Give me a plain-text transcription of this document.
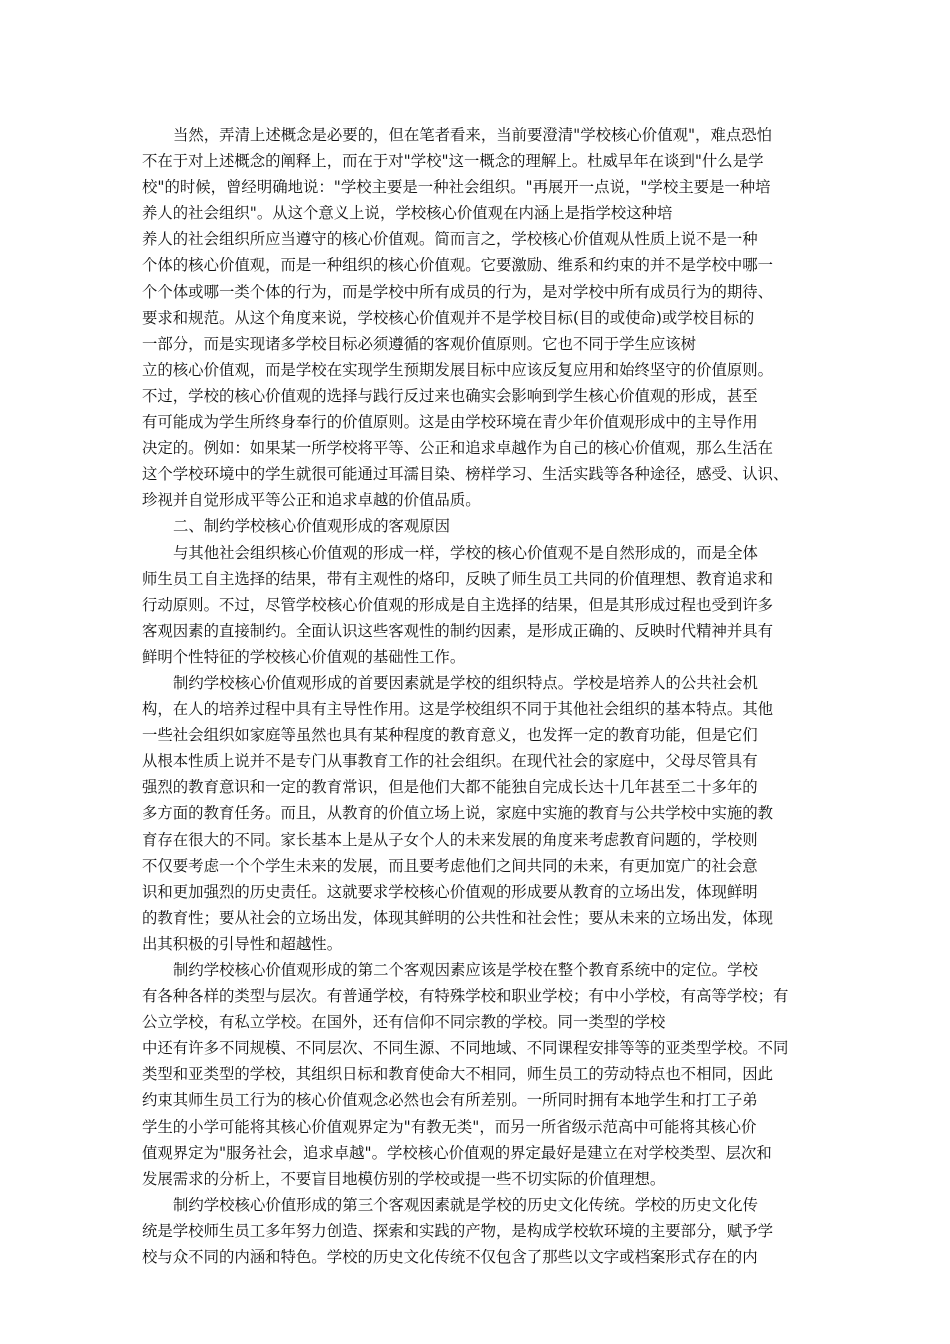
当然，弄清上述概念是必要的，但在笔者看来，当前要澄清"学校核心价值观"，难点恐怕
不在于对上述概念的阐释上，而在于对"学校"这一概念的理解上。杜威早年在谈到"什么是学
校"的时候，曾经明确地说："学校主要是一种社会组织。"再展开一点说，"学校主要是一种培
养人的社会组织"。从这个意义上说，学校核心价值观在内涵上是指学校这种培
养人的社会组织所应当遵守的核心价值观。简而言之，学校核心价值观从性质上说不是一种
个体的核心价值观，而是一种组织的核心价值观。它要激励、维系和约束的并不是学校中哪一
个个体或哪一类个体的行为，而是学校中所有成员的行为，是对学校中所有成员行为的期待、
要求和规范。从这个角度来说，学校核心价值观并不是学校目标(目的或使命)或学校目标的
一部分，而是实现诸多学校目标必须遵循的客观价值原则。它也不同于学生应该树
立的核心价值观，而是学校在实现学生预期发展目标中应该反复应用和始终坚守的价值原则。
不过，学校的核心价值观的选择与践行反过来也确实会影响到学生核心价值观的形成，甚至
有可能成为学生所终身奉行的价值原则。这是由学校环境在青少年价值观形成中的主导作用
决定的。例如：如果某一所学校将平等、公正和追求卓越作为自己的核心价值观，那么生活在
这个学校环境中的学生就很可能通过耳濡目染、榜样学习、生活实践等各种途径，感受、认识、
珍视并自觉形成平等公正和追求卓越的价值品质。
二、制约学校核心价值观形成的客观原因
与其他社会组织核心价值观的形成一样，学校的核心价值观不是自然形成的，而是全体
师生员工自主选择的结果，带有主观性的烙印，反映了师生员工共同的价值理想、教育追求和
行动原则。不过，尽管学校核心价值观的形成是自主选择的结果，但是其形成过程也受到许多
客观因素的直接制约。全面认识这些客观性的制约因素，是形成正确的、反映时代精神并具有
鲜明个性特征的学校核心价值观的基础性工作。
制约学校核心价值观形成的首要因素就是学校的组织特点。学校是培养人的公共社会机
构，在人的培养过程中具有主导性作用。这是学校组织不同于其他社会组织的基本特点。其他
一些社会组织如家庭等虽然也具有某种程度的教育意义，也发挥一定的教育功能，但是它们
从根本性质上说并不是专门从事教育工作的社会组织。在现代社会的家庭中，父母尽管具有
强烈的教育意识和一定的教育常识，但是他们大都不能独自完成长达十几年甚至二十多年的
多方面的教育任务。而且，从教育的价值立场上说，家庭中实施的教育与公共学校中实施的教
育存在很大的不同。家长基本上是从子女个人的未来发展的角度来考虑教育问题的，学校则
不仅要考虑一个个学生未来的发展，而且要考虑他们之间共同的未来，有更加宽广的社会意
识和更加强烈的历史责任。这就要求学校核心价值观的形成要从教育的立场出发，体现鲜明
的教育性；要从社会的立场出发，体现其鲜明的公共性和社会性；要从未来的立场出发，体现
出其积极的引导性和超越性。
制约学校核心价值观形成的第二个客观因素应该是学校在整个教育系统中的定位。学校
有各种各样的类型与层次。有普通学校，有特殊学校和职业学校；有中小学校，有高等学校；有
公立学校，有私立学校。在国外，还有信仰不同宗教的学校。同一类型的学校
中还有许多不同规模、不同层次、不同生源、不同地域、不同课程安排等等的亚类型学校。不同
类型和亚类型的学校，其组织日标和教育使命大不相同，师生员工的劳动特点也不相同，因此
约束其师生员工行为的核心价值观念必然也会有所差别。一所同时拥有本地学生和打工子弟
学生的小学可能将其核心价值观界定为"有教无类"，而另一所省级示范高中可能将其核心价
值观界定为"服务社会，追求卓越"。学校核心价值观的界定最好是建立在对学校类型、层次和
发展需求的分析上，不要盲目地模仿别的学校或提一些不切实际的价值理想。
制约学校核心价值形成的第三个客观因素就是学校的历史文化传统。学校的历史文化传
统是学校师生员工多年努力创造、探索和实践的产物，是构成学校软环境的主要部分，赋予学
校与众不同的内涵和特色。学校的历史文化传统不仅包含了那些以文字或档案形式存在的内
